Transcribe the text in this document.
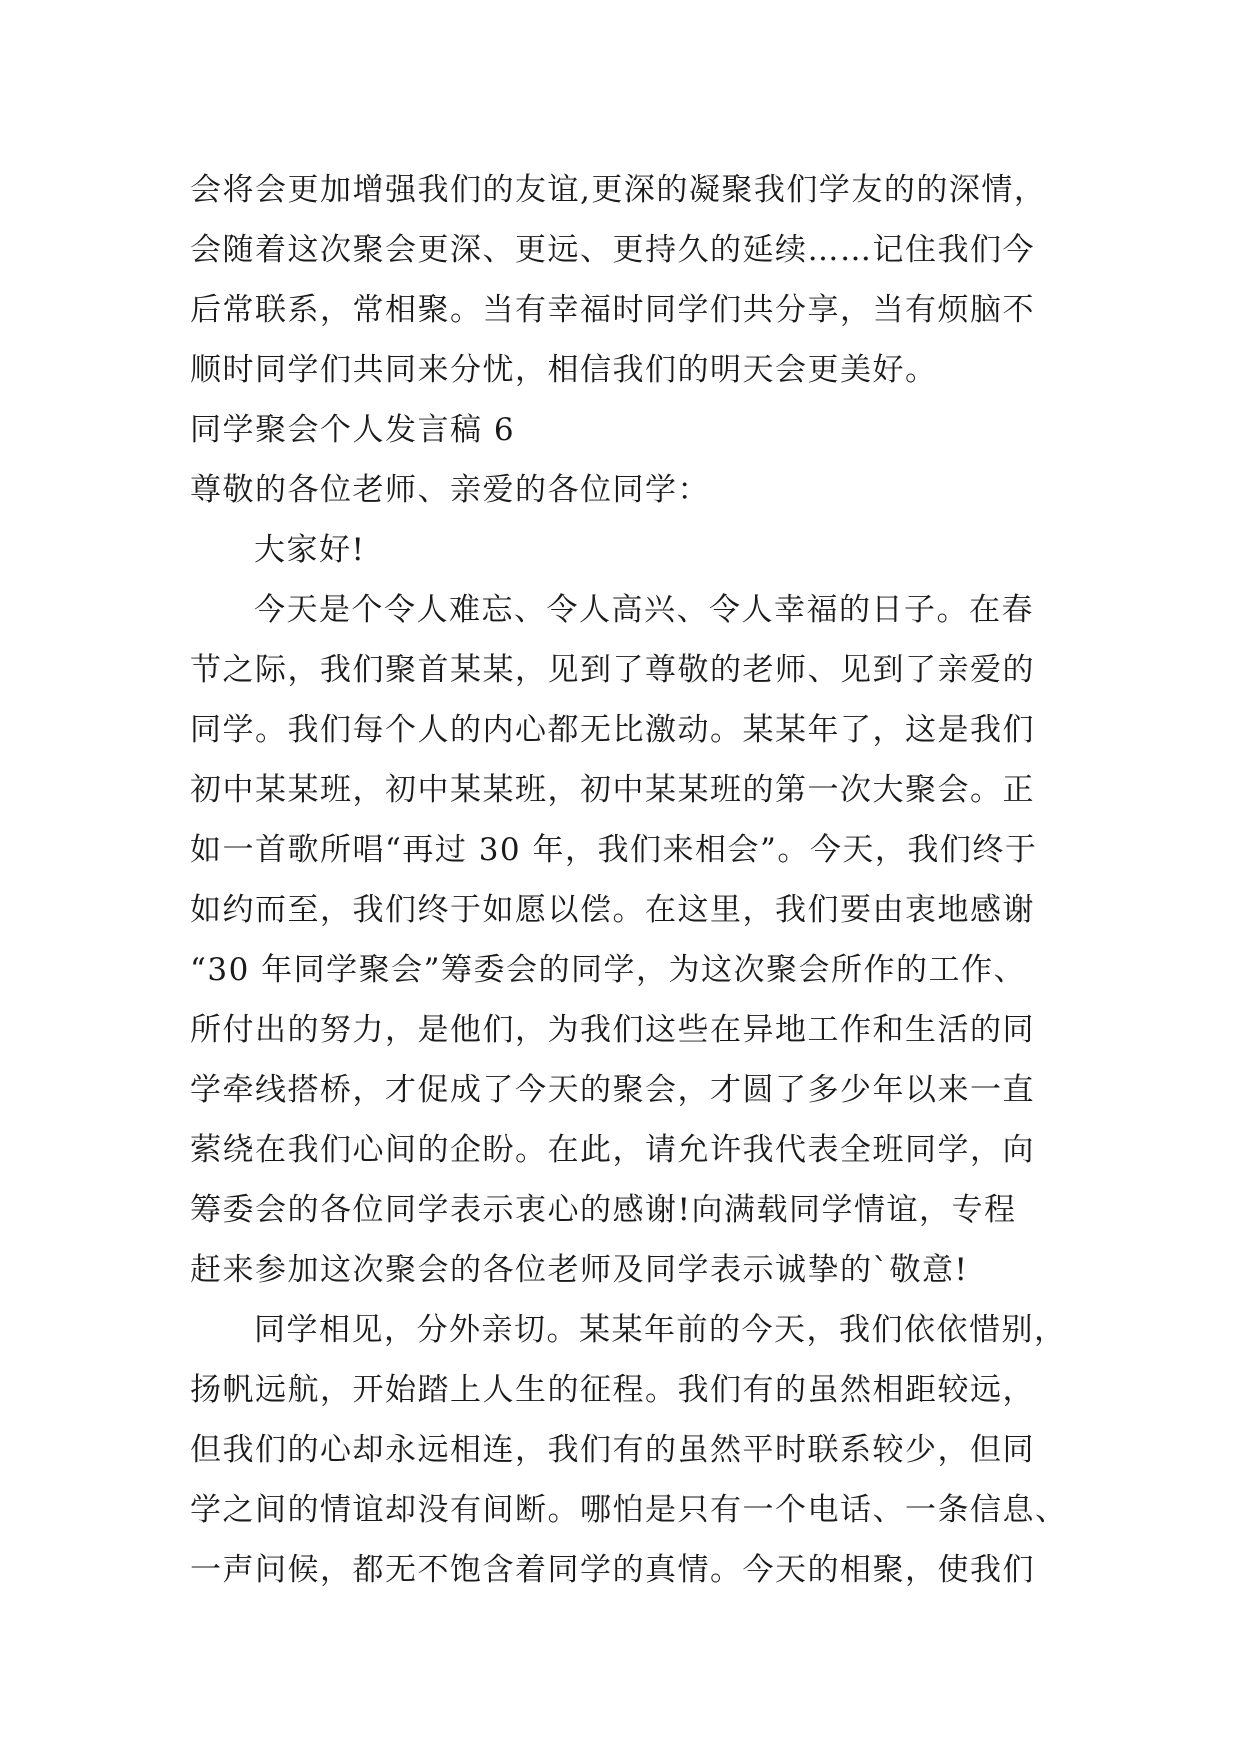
会将会更加增强我们的友谊,更深的凝聚我们学友的的深情，
会随着这次聚会更深、更远、更持久的延续……记住我们今
后常联系，常相聚。当有幸福时同学们共分享，当有烦脑不
顺时同学们共同来分忧，相信我们的明天会更美好。
同学聚会个人发言稿 6
尊敬的各位老师、亲爱的各位同学：
大家好!
今天是个令人难忘、令人高兴、令人幸福的日子。在春
节之际，我们聚首某某，见到了尊敬的老师、见到了亲爱的
同学。我们每个人的内心都无比激动。某某年了，这是我们
初中某某班，初中某某班，初中某某班的第一次大聚会。正
如一首歌所唱“再过 30 年，我们来相会”。今天，我们终于
如约而至，我们终于如愿以偿。在这里，我们要由衷地感谢
“30 年同学聚会”筹委会的同学，为这次聚会所作的工作、
所付出的努力，是他们，为我们这些在异地工作和生活的同
学牵线搭桥，才促成了今天的聚会，才圆了多少年以来一直
萦绕在我们心间的企盼。在此，请允许我代表全班同学，向
筹委会的各位同学表示衷心的感谢!向满载同学情谊，专程
赶来参加这次聚会的各位老师及同学表示诚挚的`敬意!
同学相见，分外亲切。某某年前的今天，我们依依惜别，
扬帆远航，开始踏上人生的征程。我们有的虽然相距较远，
但我们的心却永远相连，我们有的虽然平时联系较少，但同
学之间的情谊却没有间断。哪怕是只有一个电话、一条信息、
一声问候，都无不饱含着同学的真情。今天的相聚，使我们
